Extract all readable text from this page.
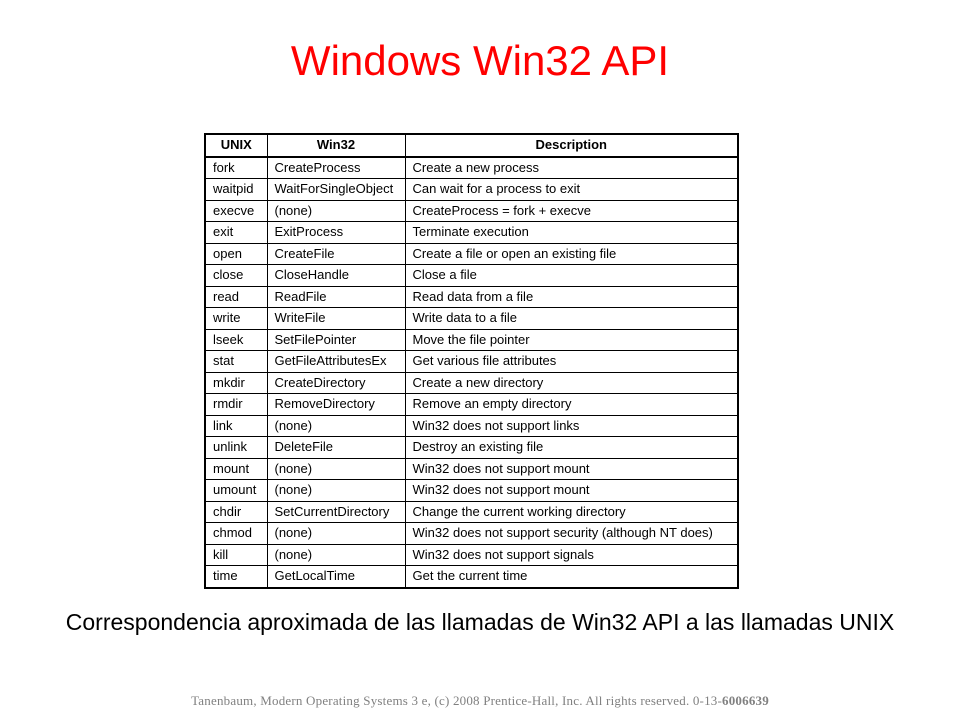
Windows Win32 API
UNIX	Win32	Description
fork	CreateProcess	Create a new process
waitpid	WaitForSingleObject	Can wait for a process to exit
execve	(none)	CreateProcess = fork + execve
exit	ExitProcess	Terminate execution
open	CreateFile	Create a file or open an existing file
close	CloseHandle	Close a file
read	ReadFile	Read data from a file
write	WriteFile	Write data to a file
lseek	SetFilePointer	Move the file pointer
stat	GetFileAttributesEx	Get various file attributes
mkdir	CreateDirectory	Create a new directory
rmdir	RemoveDirectory	Remove an empty directory
link	(none)	Win32 does not support links
unlink	DeleteFile	Destroy an existing file
mount	(none)	Win32 does not support mount
umount	(none)	Win32 does not support mount
chdir	SetCurrentDirectory	Change the current working directory
chmod	(none)	Win32 does not support security (although NT does)
kill	(none)	Win32 does not support signals
time	GetLocalTime	Get the current time
Correspondencia aproximada de las llamadas de Win32 API a las llamadas UNIX
Tanenbaum, Modern Operating Systems 3 e, (c) 2008 Prentice-Hall, Inc. All rights reserved. 0-13-6006639
